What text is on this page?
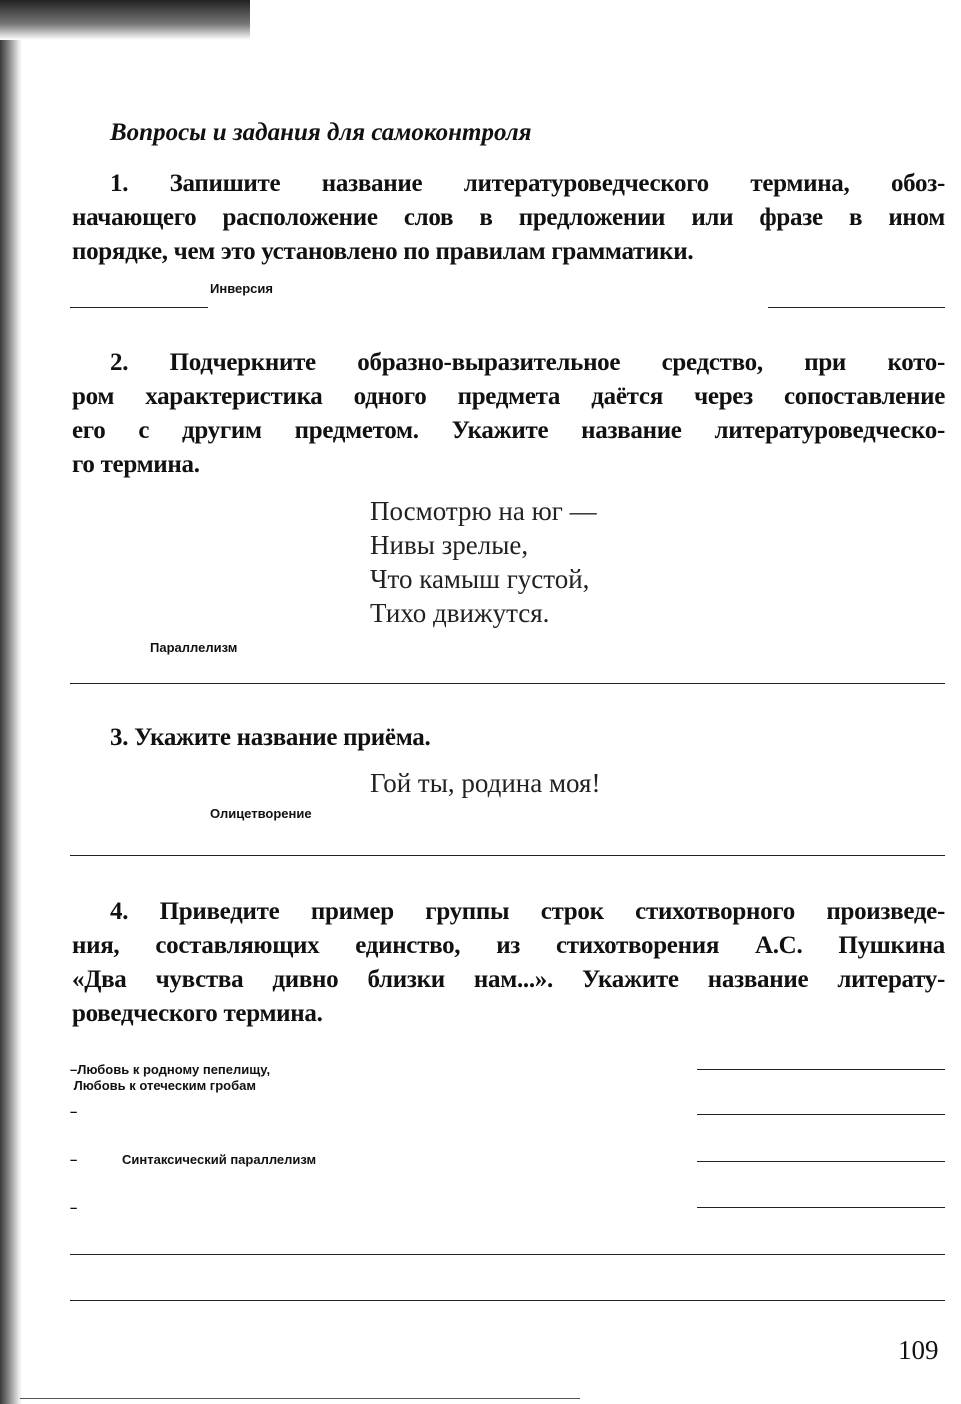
Вопросы и задания для самоконтроля
1. Запишите название литературоведческого термина, обоз-
начающего расположение слов в предложении или фразе в ином
порядке, чем это установлено по правилам грамматики.
Инверсия
2. Подчеркните образно-выразительное средство, при кото-
ром характеристика одного предмета даётся через сопоставление
его с другим предметом. Укажите название литературоведческо-
го термина.
Посмотрю на юг —
Нивы зрелые,
Что камыш густой,
Тихо движутся.
Параллелизм
3. Укажите название приёма.
Гой ты, родина моя!
Олицетворение
4. Приведите пример группы строк стихотворного произведе-
ния, составляющих единство, из стихотворения А.С. Пушкина
«Два чувства дивно близки нам...». Укажите название литерату-
роведческого термина.
–Любовь к родному пепелищу,
Любовь к отеческим гробам
–
–	Синтаксический параллелизм
–
109
